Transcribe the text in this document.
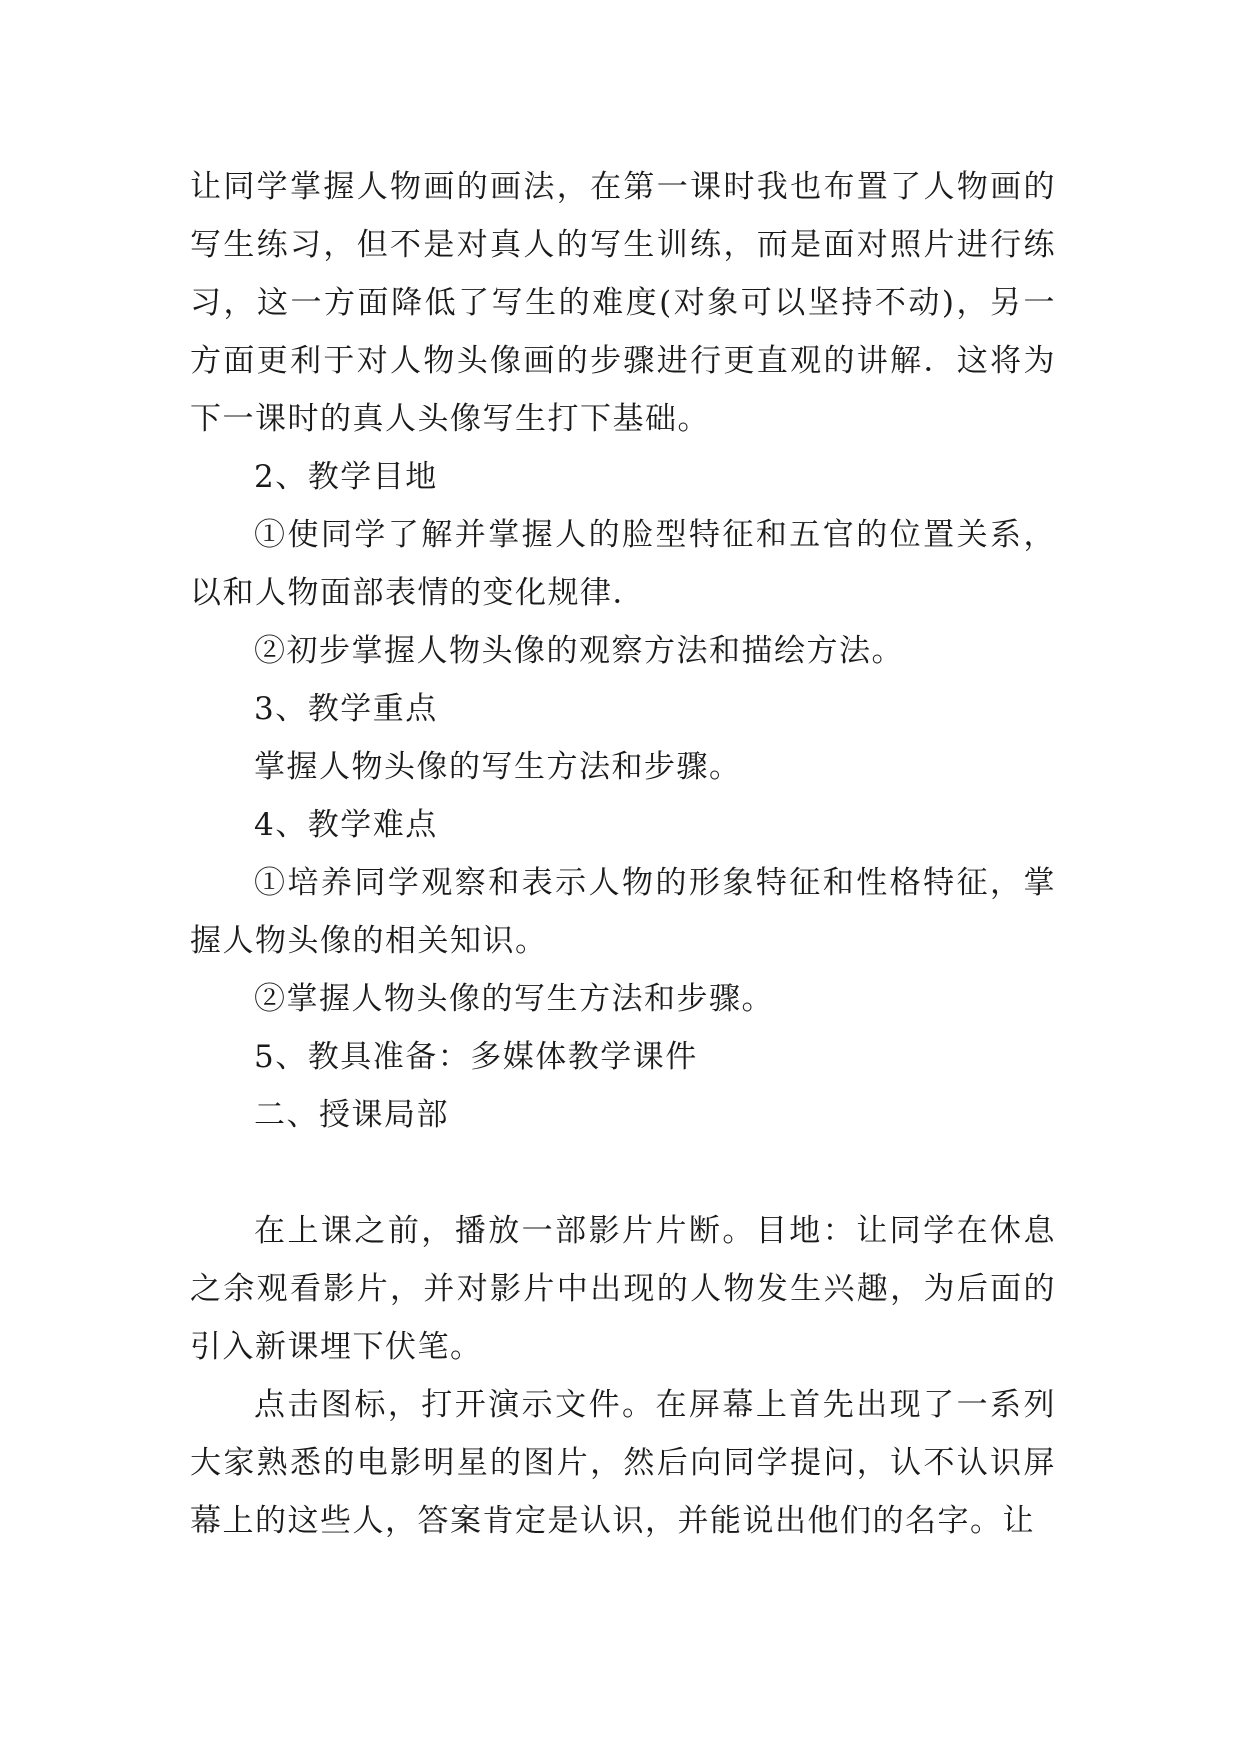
让同学掌握人物画的画法，在第一课时我也布置了人物画的写生练习，但不是对真人的写生训练，而是面对照片进行练习，这一方面降低了写生的难度(对象可以坚持不动)，另一方面更利于对人物头像画的步骤进行更直观的讲解．这将为下一课时的真人头像写生打下基础。

2、教学目地

①使同学了解并掌握人的脸型特征和五官的位置关系，以和人物面部表情的变化规律．

②初步掌握人物头像的观察方法和描绘方法。

3、教学重点

掌握人物头像的写生方法和步骤。

4、教学难点

①培养同学观察和表示人物的形象特征和性格特征，掌握人物头像的相关知识。

②掌握人物头像的写生方法和步骤。

5、教具准备：多媒体教学课件

二、授课局部

在上课之前，播放一部影片片断。目地：让同学在休息之余观看影片，并对影片中出现的人物发生兴趣，为后面的引入新课埋下伏笔。

点击图标，打开演示文件。在屏幕上首先出现了一系列大家熟悉的电影明星的图片，然后向同学提问，认不认识屏幕上的这些人，答案肯定是认识，并能说出他们的名字。让
